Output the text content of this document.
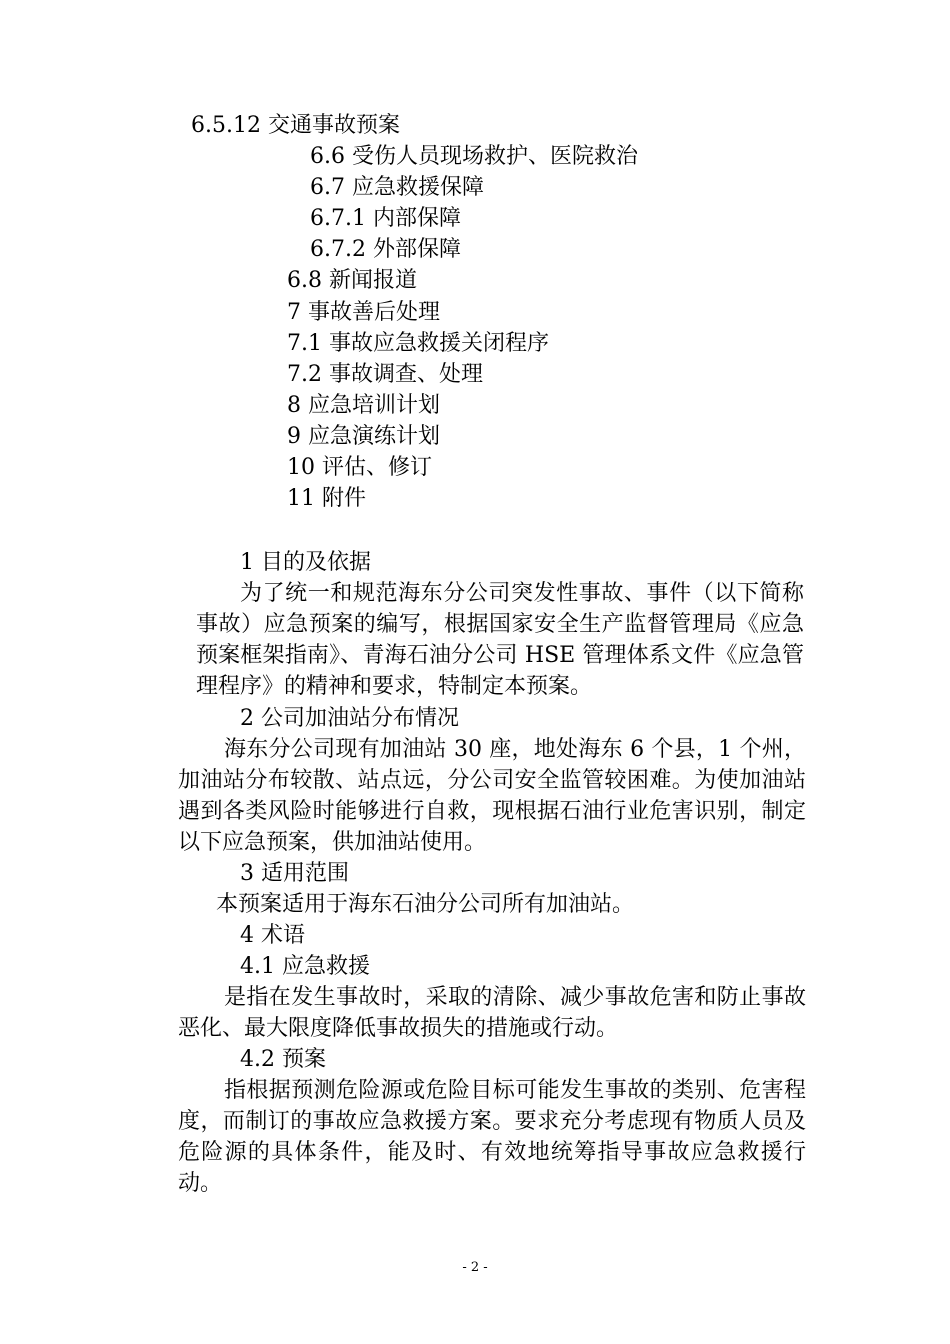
6.5.12 交通事故预案
6.6 受伤人员现场救护、医院救治
6.7 应急救援保障
6.7.1 内部保障
6.7.2 外部保障
6.8 新闻报道
7 事故善后处理
7.1 事故应急救援关闭程序
7.2 事故调查、处理
8 应急培训计划
9 应急演练计划
10 评估、修订
11 附件
1 目的及依据
为了统一和规范海东分公司突发性事故、事件（以下简称事故）应急预案的编写，根据国家安全生产监督管理局《应急预案框架指南》、青海石油分公司 HSE 管理体系文件《应急管理程序》的精神和要求，特制定本预案。
2 公司加油站分布情况
海东分公司现有加油站 30 座，地处海东 6 个县，1 个州，加油站分布较散、站点远，分公司安全监管较困难。为使加油站遇到各类风险时能够进行自救，现根据石油行业危害识别，制定以下应急预案，供加油站使用。
3 适用范围
本预案适用于海东石油分公司所有加油站。
4 术语
4.1 应急救援
是指在发生事故时，采取的清除、减少事故危害和防止事故恶化、最大限度降低事故损失的措施或行动。
4.2 预案
指根据预测危险源或危险目标可能发生事故的类别、危害程度，而制订的事故应急救援方案。要求充分考虑现有物质人员及危险源的具体条件，能及时、有效地统筹指导事故应急救援行动。
- 2 -
